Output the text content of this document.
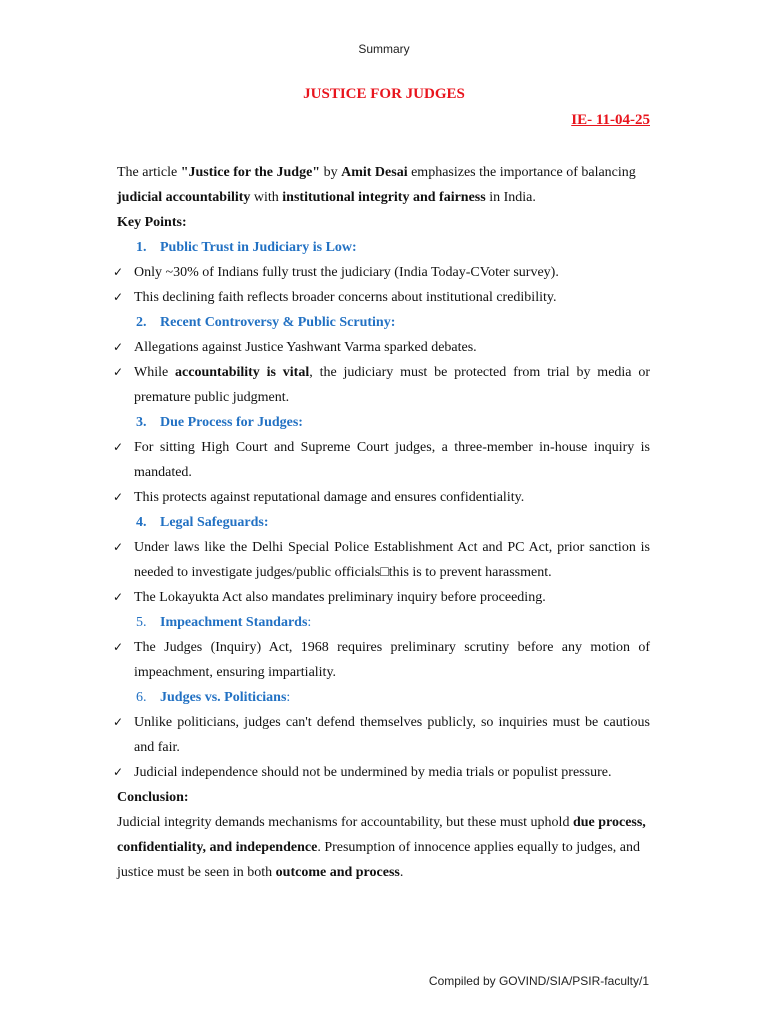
Summary
JUSTICE FOR JUDGES
IE- 11-04-25

The article "Justice for the Judge" by Amit Desai emphasizes the importance of balancing judicial accountability with institutional integrity and fairness in India.

Key Points:

1. Public Trust in Judiciary is Low:

✓ Only ~30% of Indians fully trust the judiciary (India Today-CVoter survey).

✓ This declining faith reflects broader concerns about institutional credibility.

2. Recent Controversy & Public Scrutiny:

✓ Allegations against Justice Yashwant Varma sparked debates.

✓ While accountability is vital, the judiciary must be protected from trial by media or premature public judgment.

3. Due Process for Judges:

✓ For sitting High Court and Supreme Court judges, a three-member in-house inquiry is mandated.

✓ This protects against reputational damage and ensures confidentiality.

4. Legal Safeguards:

✓ Under laws like the Delhi Special Police Establishment Act and PC Act, prior sanction is needed to investigate judges/public officials□this is to prevent harassment.

✓ The Lokayukta Act also mandates preliminary inquiry before proceeding.

5. Impeachment Standards:

✓ The Judges (Inquiry) Act, 1968 requires preliminary scrutiny before any motion of impeachment, ensuring impartiality.

6. Judges vs. Politicians:

✓ Unlike politicians, judges can't defend themselves publicly, so inquiries must be cautious and fair.

✓ Judicial independence should not be undermined by media trials or populist pressure.

Conclusion:

Judicial integrity demands mechanisms for accountability, but these must uphold due process, confidentiality, and independence. Presumption of innocence applies equally to judges, and justice must be seen in both outcome and process.

Compiled by GOVIND/SIA/PSIR-faculty/1
